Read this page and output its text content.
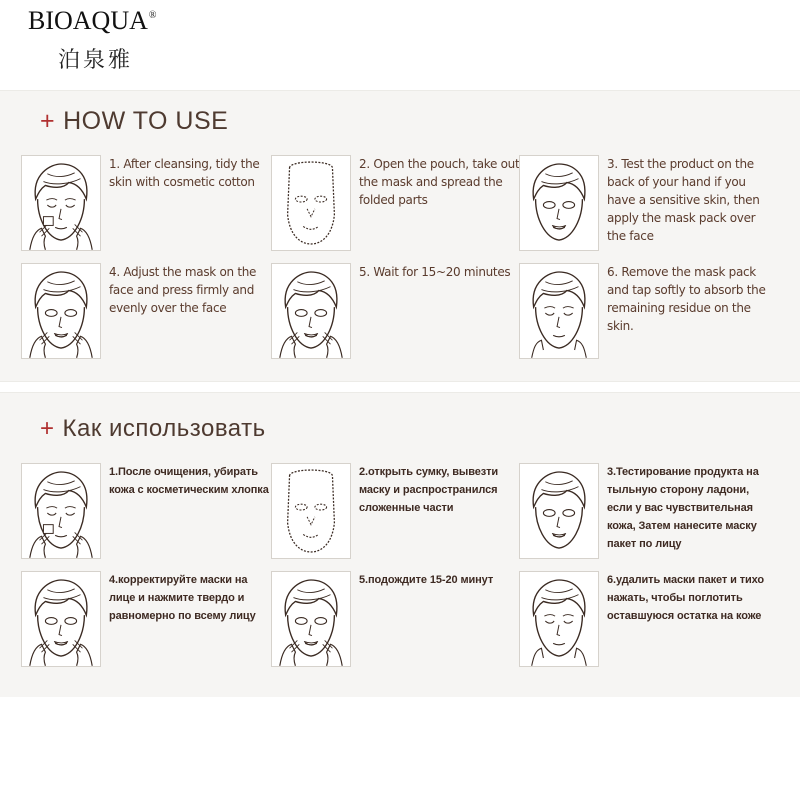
BIOAQUA®
泊泉雅
+ HOW TO USE
1. After cleansing, tidy the skin with cosmetic cotton
2. Open the pouch, take out the mask and spread the folded parts
3. Test the product on the back of your hand if you have a sensitive skin, then apply the mask pack over the face
4. Adjust the mask on the face and press firmly and evenly over the face
5. Wait for 15~20 minutes	6. Remove the mask pack and tap softly to absorb the remaining residue on the skin.
+ Как использовать
1.После очищения, убирать кожа с косметическим хлопка
2.открыть сумку, вывезти маску и распространился сложенные части
3.Тестирование продукта на тыльную сторону ладони, если у вас чувствительная кожа, Затем нанесите маску пакет по лицу
4.корректируйте маски на лице и нажмите твердо и равномерно по всему лицу
5.подождите 15-20 минут	6.удалить маски пакет и тихо нажать, чтобы поглотить оставшуюся остатка на коже
